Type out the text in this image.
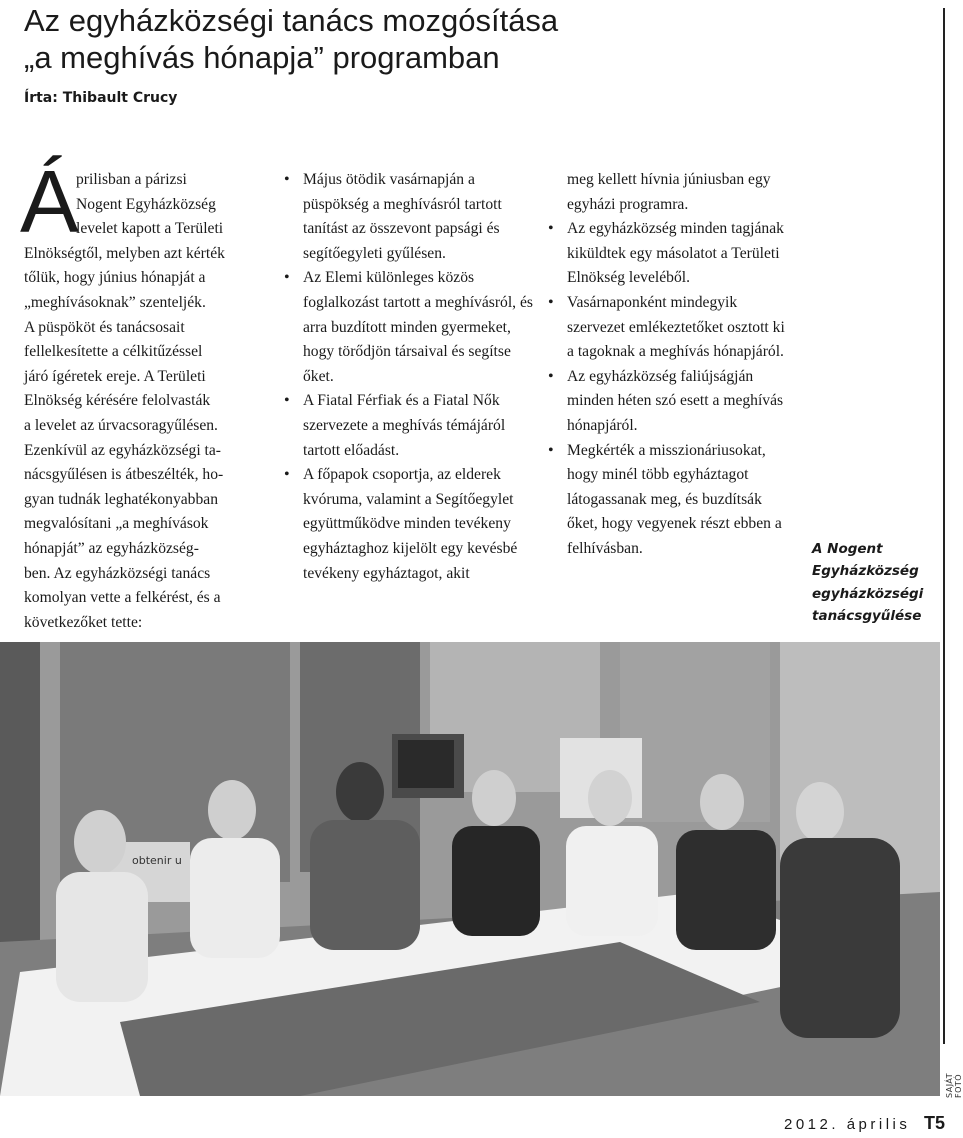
Az egyházközségi tanács mozgósítása
„a meghívás hónapja” programban
Írta: Thibault Crucy
Á
prilisban a párizsi
Nogent Egyházközség
levelet kapott a Területi
Elnökségtől, melyben azt kérték
tőlük, hogy június hónapját a
„meghívásoknak” szenteljék.
A püspököt és tanácsosait
fellelkesítette a célkitűzéssel
járó ígéretek ereje. A Területi
Elnökség kérésére felolvasták
a levelet az úrvacsoragyűlésen.
Ezenkívül az egyházközségi ta-
nácsgyűlésen is átbeszélték, ho-
gyan tudnák leghatékonyabban
megvalósítani „a meghívások
hónapját” az egyházközség-
ben. Az egyházközségi tanács
komolyan vette a felkérést, és a
következőket tette:
• Május ötödik vasárnapján a püspökség a meghívásról tartott tanítást az összevont papsági és segítőegyleti gyűlésen.
• Az Elemi különleges közös foglalkozást tartott a meghívásról, és arra buzdított minden gyermeket, hogy törődjön társaival és segítse őket.
• A Fiatal Férfiak és a Fiatal Nők szervezete a meghívás témájáról tartott előadást.
• A főpapok csoportja, az elderek kvóruma, valamint a Segítőegylet együttműködve minden tevékeny egyháztaghoz kijelölt egy kevésbé tevékeny egyháztagot, akit
meg kellett hívnia júniusban egy egyházi programra.
• Az egyházközség minden tagjának kiküldtek egy másolatot a Területi Elnökség leveléből.
• Vasárnaponként mindegyik szervezet emlékeztetőket osztott ki a tagoknak a meghívás hónapjáról.
• Az egyházközség faliújságján minden héten szó esett a meghívás hónapjáról.
• Megkérték a misszionáriusokat, hogy minél több egyháztagot látogassanak meg, és buzdítsák őket, hogy vegyenek részt ebben a felhívásban.	A Nogent Egyházközség egyházközségi tanácsgyűlése
obtenir u
SAJÁT FOTÓ
2012. április T5
